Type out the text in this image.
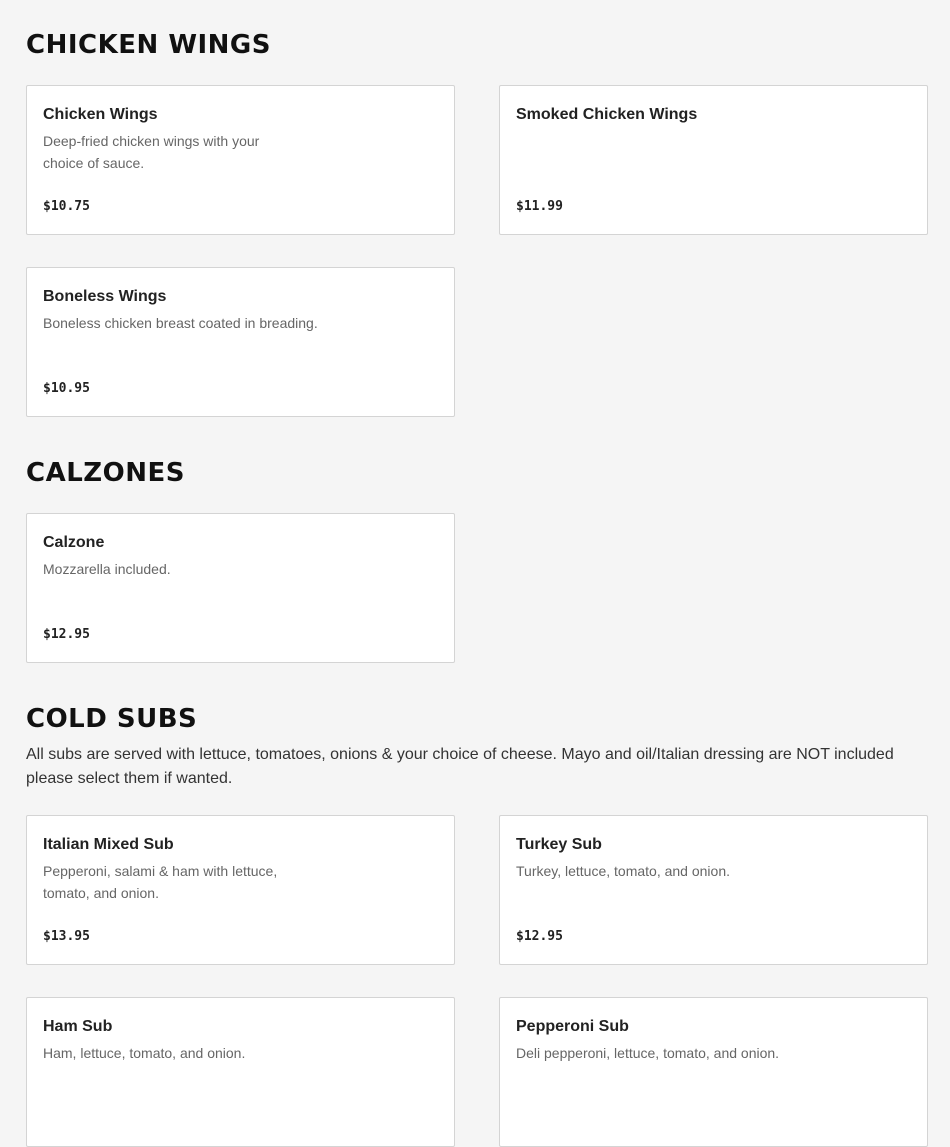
CHICKEN WINGS

Chicken Wings

Deep-fried chicken wings with your choice of sauce.

$10.75

Smoked Chicken Wings

$11.99

Boneless Wings

Boneless chicken breast coated in breading.

$10.95
CALZONES

Calzone

Mozzarella included.

$12.95
COLD SUBS

All subs are served with lettuce, tomatoes, onions & your choice of cheese. Mayo and oil/Italian dressing are NOT included please select them if wanted.

Italian Mixed Sub

Pepperoni, salami & ham with lettuce, tomato, and onion.

$13.95

Turkey Sub

Turkey, lettuce, tomato, and onion.

$12.95

Ham Sub

Ham, lettuce, tomato, and onion.

Pepperoni Sub

Deli pepperoni, lettuce, tomato, and onion.
